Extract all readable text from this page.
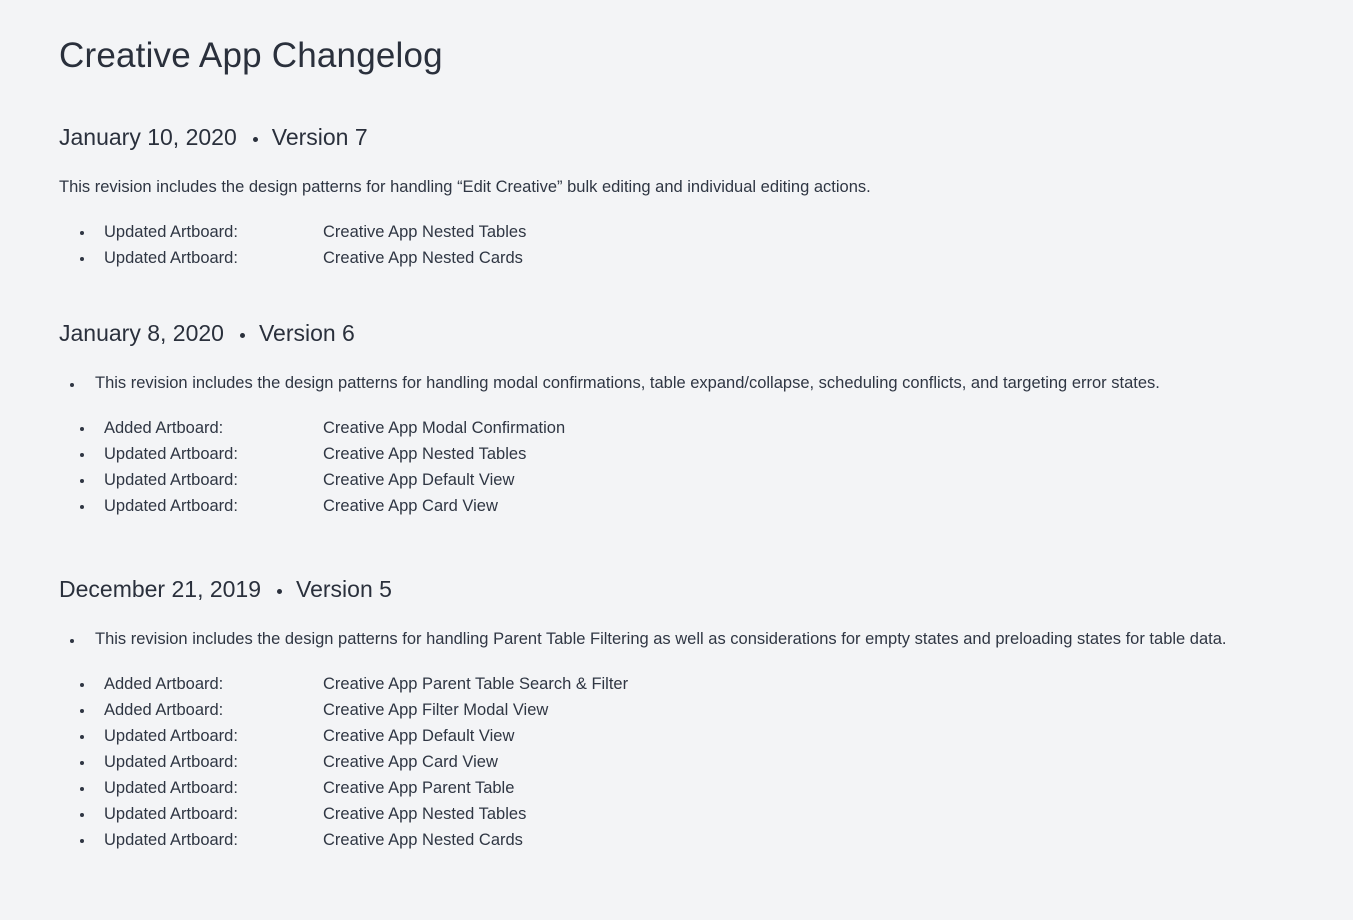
Creative App Changelog
January 10, 2020 Version 7

This revision includes the design patterns for handling “Edit Creative” bulk editing and individual editing actions.

Updated Artboard:	Creative App Nested Tables
Updated Artboard:	Creative App Nested Cards
January 8, 2020 Version 6

This revision includes the design patterns for handling modal confirmations, table expand/collapse, scheduling conflicts, and targeting error states.

Added Artboard:	Creative App Modal Confirmation
Updated Artboard:	Creative App Nested Tables
Updated Artboard:	Creative App Default View
Updated Artboard:	Creative App Card View
December 21, 2019 Version 5

This revision includes the design patterns for handling Parent Table Filtering as well as considerations for empty states and preloading states for table data.

Added Artboard:	Creative App Parent Table Search & Filter
Added Artboard:	Creative App Filter Modal View
Updated Artboard:	Creative App Default View
Updated Artboard:	Creative App Card View
Updated Artboard:	Creative App Parent Table
Updated Artboard:	Creative App Nested Tables
Updated Artboard:	Creative App Nested Cards
